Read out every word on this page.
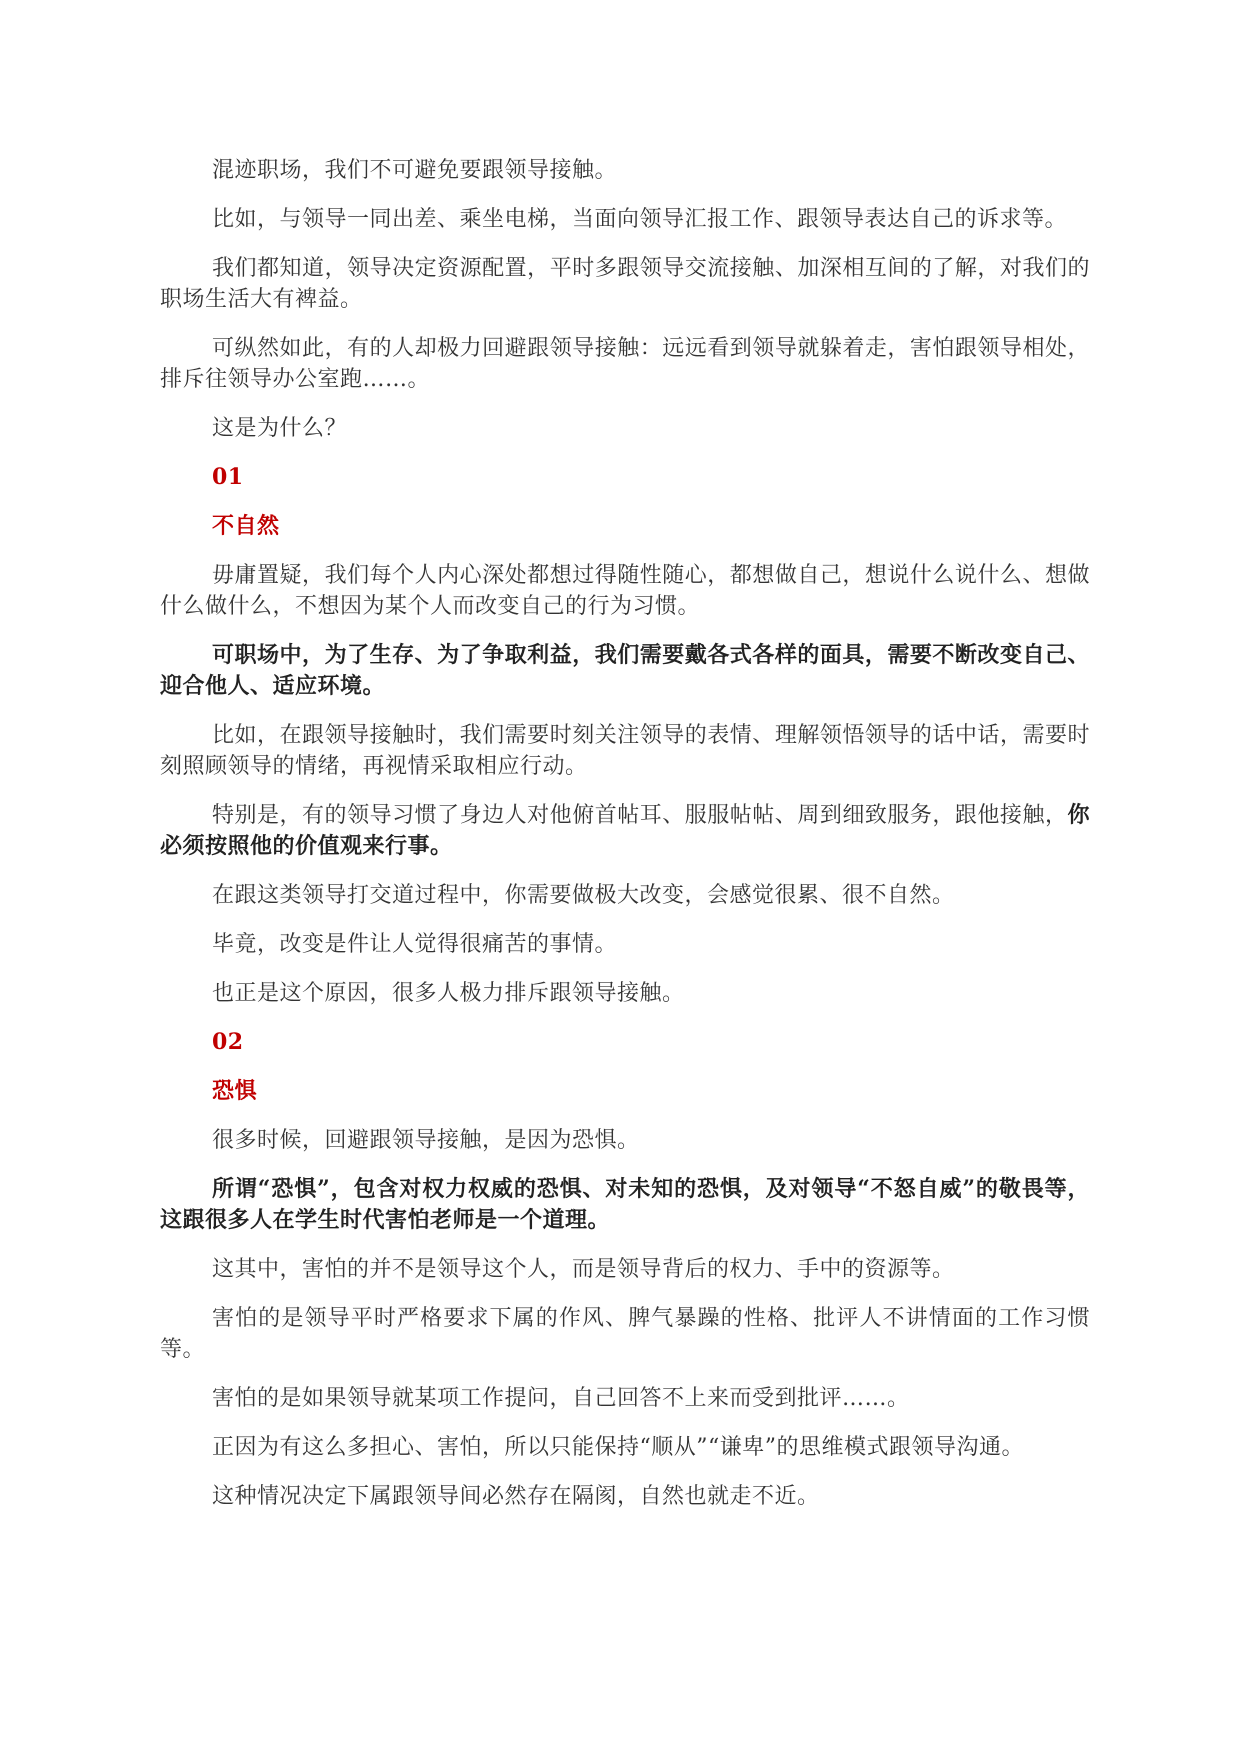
混迹职场，我们不可避免要跟领导接触。

比如，与领导一同出差、乘坐电梯，当面向领导汇报工作、跟领导表达自己的诉求等。

我们都知道，领导决定资源配置，平时多跟领导交流接触、加深相互间的了解，对我们的职场生活大有裨益。

可纵然如此，有的人却极力回避跟领导接触：远远看到领导就躲着走，害怕跟领导相处，排斥往领导办公室跑……。

这是为什么？

01

不自然

毋庸置疑，我们每个人内心深处都想过得随性随心，都想做自己，想说什么说什么、想做什么做什么，不想因为某个人而改变自己的行为习惯。

可职场中，为了生存、为了争取利益，我们需要戴各式各样的面具，需要不断改变自己、迎合他人、适应环境。

比如，在跟领导接触时，我们需要时刻关注领导的表情、理解领悟领导的话中话，需要时刻照顾领导的情绪，再视情采取相应行动。

特别是，有的领导习惯了身边人对他俯首帖耳、服服帖帖、周到细致服务，跟他接触，你必须按照他的价值观来行事。

在跟这类领导打交道过程中，你需要做极大改变，会感觉很累、很不自然。

毕竟，改变是件让人觉得很痛苦的事情。

也正是这个原因，很多人极力排斥跟领导接触。

02

恐惧

很多时候，回避跟领导接触，是因为恐惧。

所谓“恐惧”，包含对权力权威的恐惧、对未知的恐惧，及对领导“不怒自威”的敬畏等，这跟很多人在学生时代害怕老师是一个道理。

这其中，害怕的并不是领导这个人，而是领导背后的权力、手中的资源等。

害怕的是领导平时严格要求下属的作风、脾气暴躁的性格、批评人不讲情面的工作习惯等。

害怕的是如果领导就某项工作提问，自己回答不上来而受到批评……。

正因为有这么多担心、害怕，所以只能保持“顺从”“谦卑”的思维模式跟领导沟通。

这种情况决定下属跟领导间必然存在隔阂，自然也就走不近。
